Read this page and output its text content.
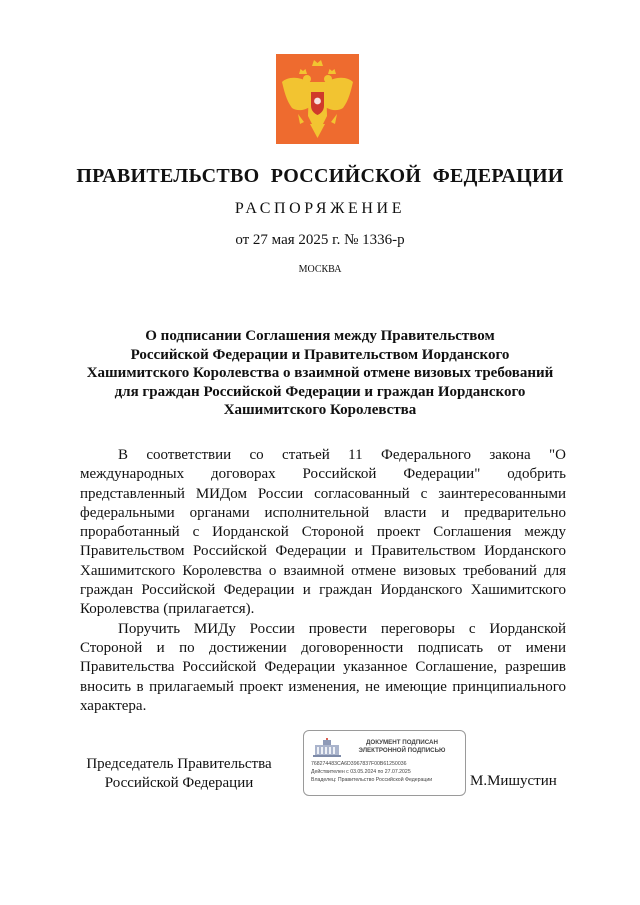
ПРАВИТЕЛЬСТВО РОССИЙСКОЙ ФЕДЕРАЦИИ
РАСПОРЯЖЕНИЕ
от 27 мая 2025 г. № 1336-р
МОСКВА
О подписании Соглашения между Правительством
Российской Федерации и Правительством Иорданского
Хашимитского Королевства о взаимной отмене визовых требований
для граждан Российской Федерации и граждан Иорданского
Хашимитского Королевства

В соответствии со статьей 11 Федерального закона "О международных договорах Российской Федерации" одобрить представленный МИДом России согласованный с заинтересованными федеральными органами исполнительной власти и предварительно проработанный с Иорданской Стороной проект Соглашения между Правительством Российской Федерации и Правительством Иорданского Хашимитского Королевства о взаимной отмене визовых требований для граждан Российской Федерации и граждан Иорданского Хашимитского Королевства (прилагается).

Поручить МИДу России провести переговоры с Иорданской Стороной и по достижении договоренности подписать от имени Правительства Российской Федерации указанное Соглашение, разрешив вносить в прилагаемый проект изменения, не имеющие принципиального характера.

Председатель Правительства
Российской Федерации
ДОКУМЕНТ ПОДПИСАН
ЭЛЕКТРОННОЙ ПОДПИСЬЮ
768274483CA6D3967837F00B61250036
Действителен с 03.05.2024 по 27.07.2025
Владелец: Правительство Российской Федерации	М.Мишустин
